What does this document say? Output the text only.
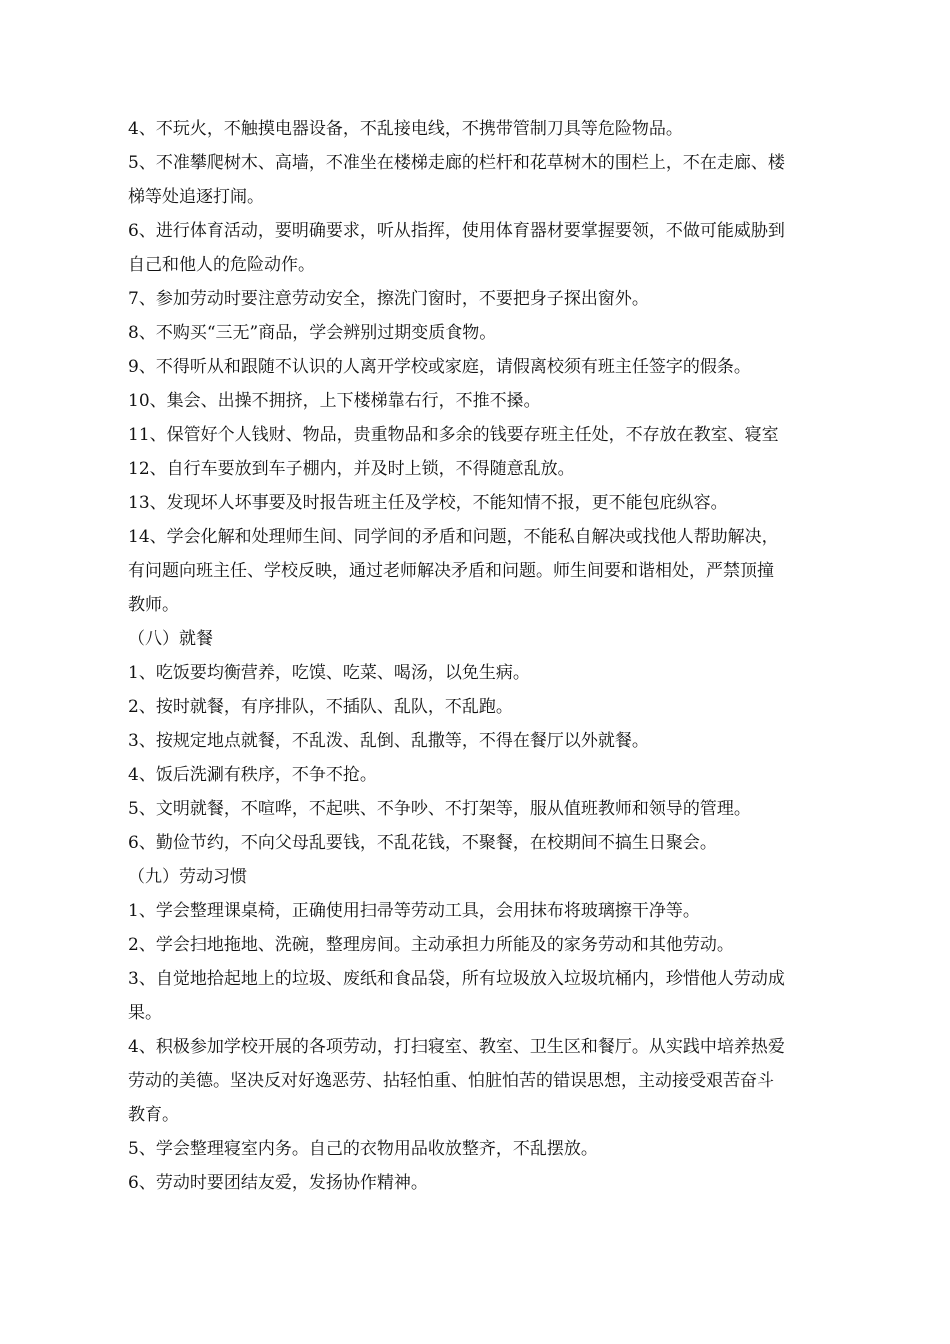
4、不玩火，不触摸电器设备，不乱接电线，不携带管制刀具等危险物品。
5、不准攀爬树木、高墙，不准坐在楼梯走廊的栏杆和花草树木的围栏上，不在走廊、楼
梯等处追逐打闹。
6、进行体育活动，要明确要求，听从指挥，使用体育器材要掌握要领，不做可能威胁到
自己和他人的危险动作。
7、参加劳动时要注意劳动安全，擦洗门窗时，不要把身子探出窗外。
8、不购买“三无”商品，学会辨别过期变质食物。
9、不得听从和跟随不认识的人离开学校或家庭，请假离校须有班主任签字的假条。
10、集会、出操不拥挤，上下楼梯靠右行，不推不搡。
11、保管好个人钱财、物品，贵重物品和多余的钱要存班主任处，不存放在教室、寝室
12、自行车要放到车子棚内，并及时上锁，不得随意乱放。
13、发现坏人坏事要及时报告班主任及学校，不能知情不报，更不能包庇纵容。
14、学会化解和处理师生间、同学间的矛盾和问题，不能私自解决或找他人帮助解决，
有问题向班主任、学校反映，通过老师解决矛盾和问题。师生间要和谐相处，严禁顶撞
教师。
（八）就餐
1、吃饭要均衡营养，吃馍、吃菜、喝汤，以免生病。
2、按时就餐，有序排队，不插队、乱队，不乱跑。
3、按规定地点就餐，不乱泼、乱倒、乱撒等，不得在餐厅以外就餐。
4、饭后洗涮有秩序，不争不抢。
5、文明就餐，不喧哗，不起哄、不争吵、不打架等，服从值班教师和领导的管理。
6、勤俭节约，不向父母乱要钱，不乱花钱，不聚餐，在校期间不搞生日聚会。
（九）劳动习惯
1、学会整理课桌椅，正确使用扫帚等劳动工具，会用抹布将玻璃擦干净等。
2、学会扫地拖地、洗碗，整理房间。主动承担力所能及的家务劳动和其他劳动。
3、自觉地拾起地上的垃圾、废纸和食品袋，所有垃圾放入垃圾坑桶内，珍惜他人劳动成
果。
4、积极参加学校开展的各项劳动，打扫寝室、教室、卫生区和餐厅。从实践中培养热爱
劳动的美德。坚决反对好逸恶劳、拈轻怕重、怕脏怕苦的错误思想，主动接受艰苦奋斗
教育。
5、学会整理寝室内务。自己的衣物用品收放整齐，不乱摆放。
6、劳动时要团结友爱，发扬协作精神。
